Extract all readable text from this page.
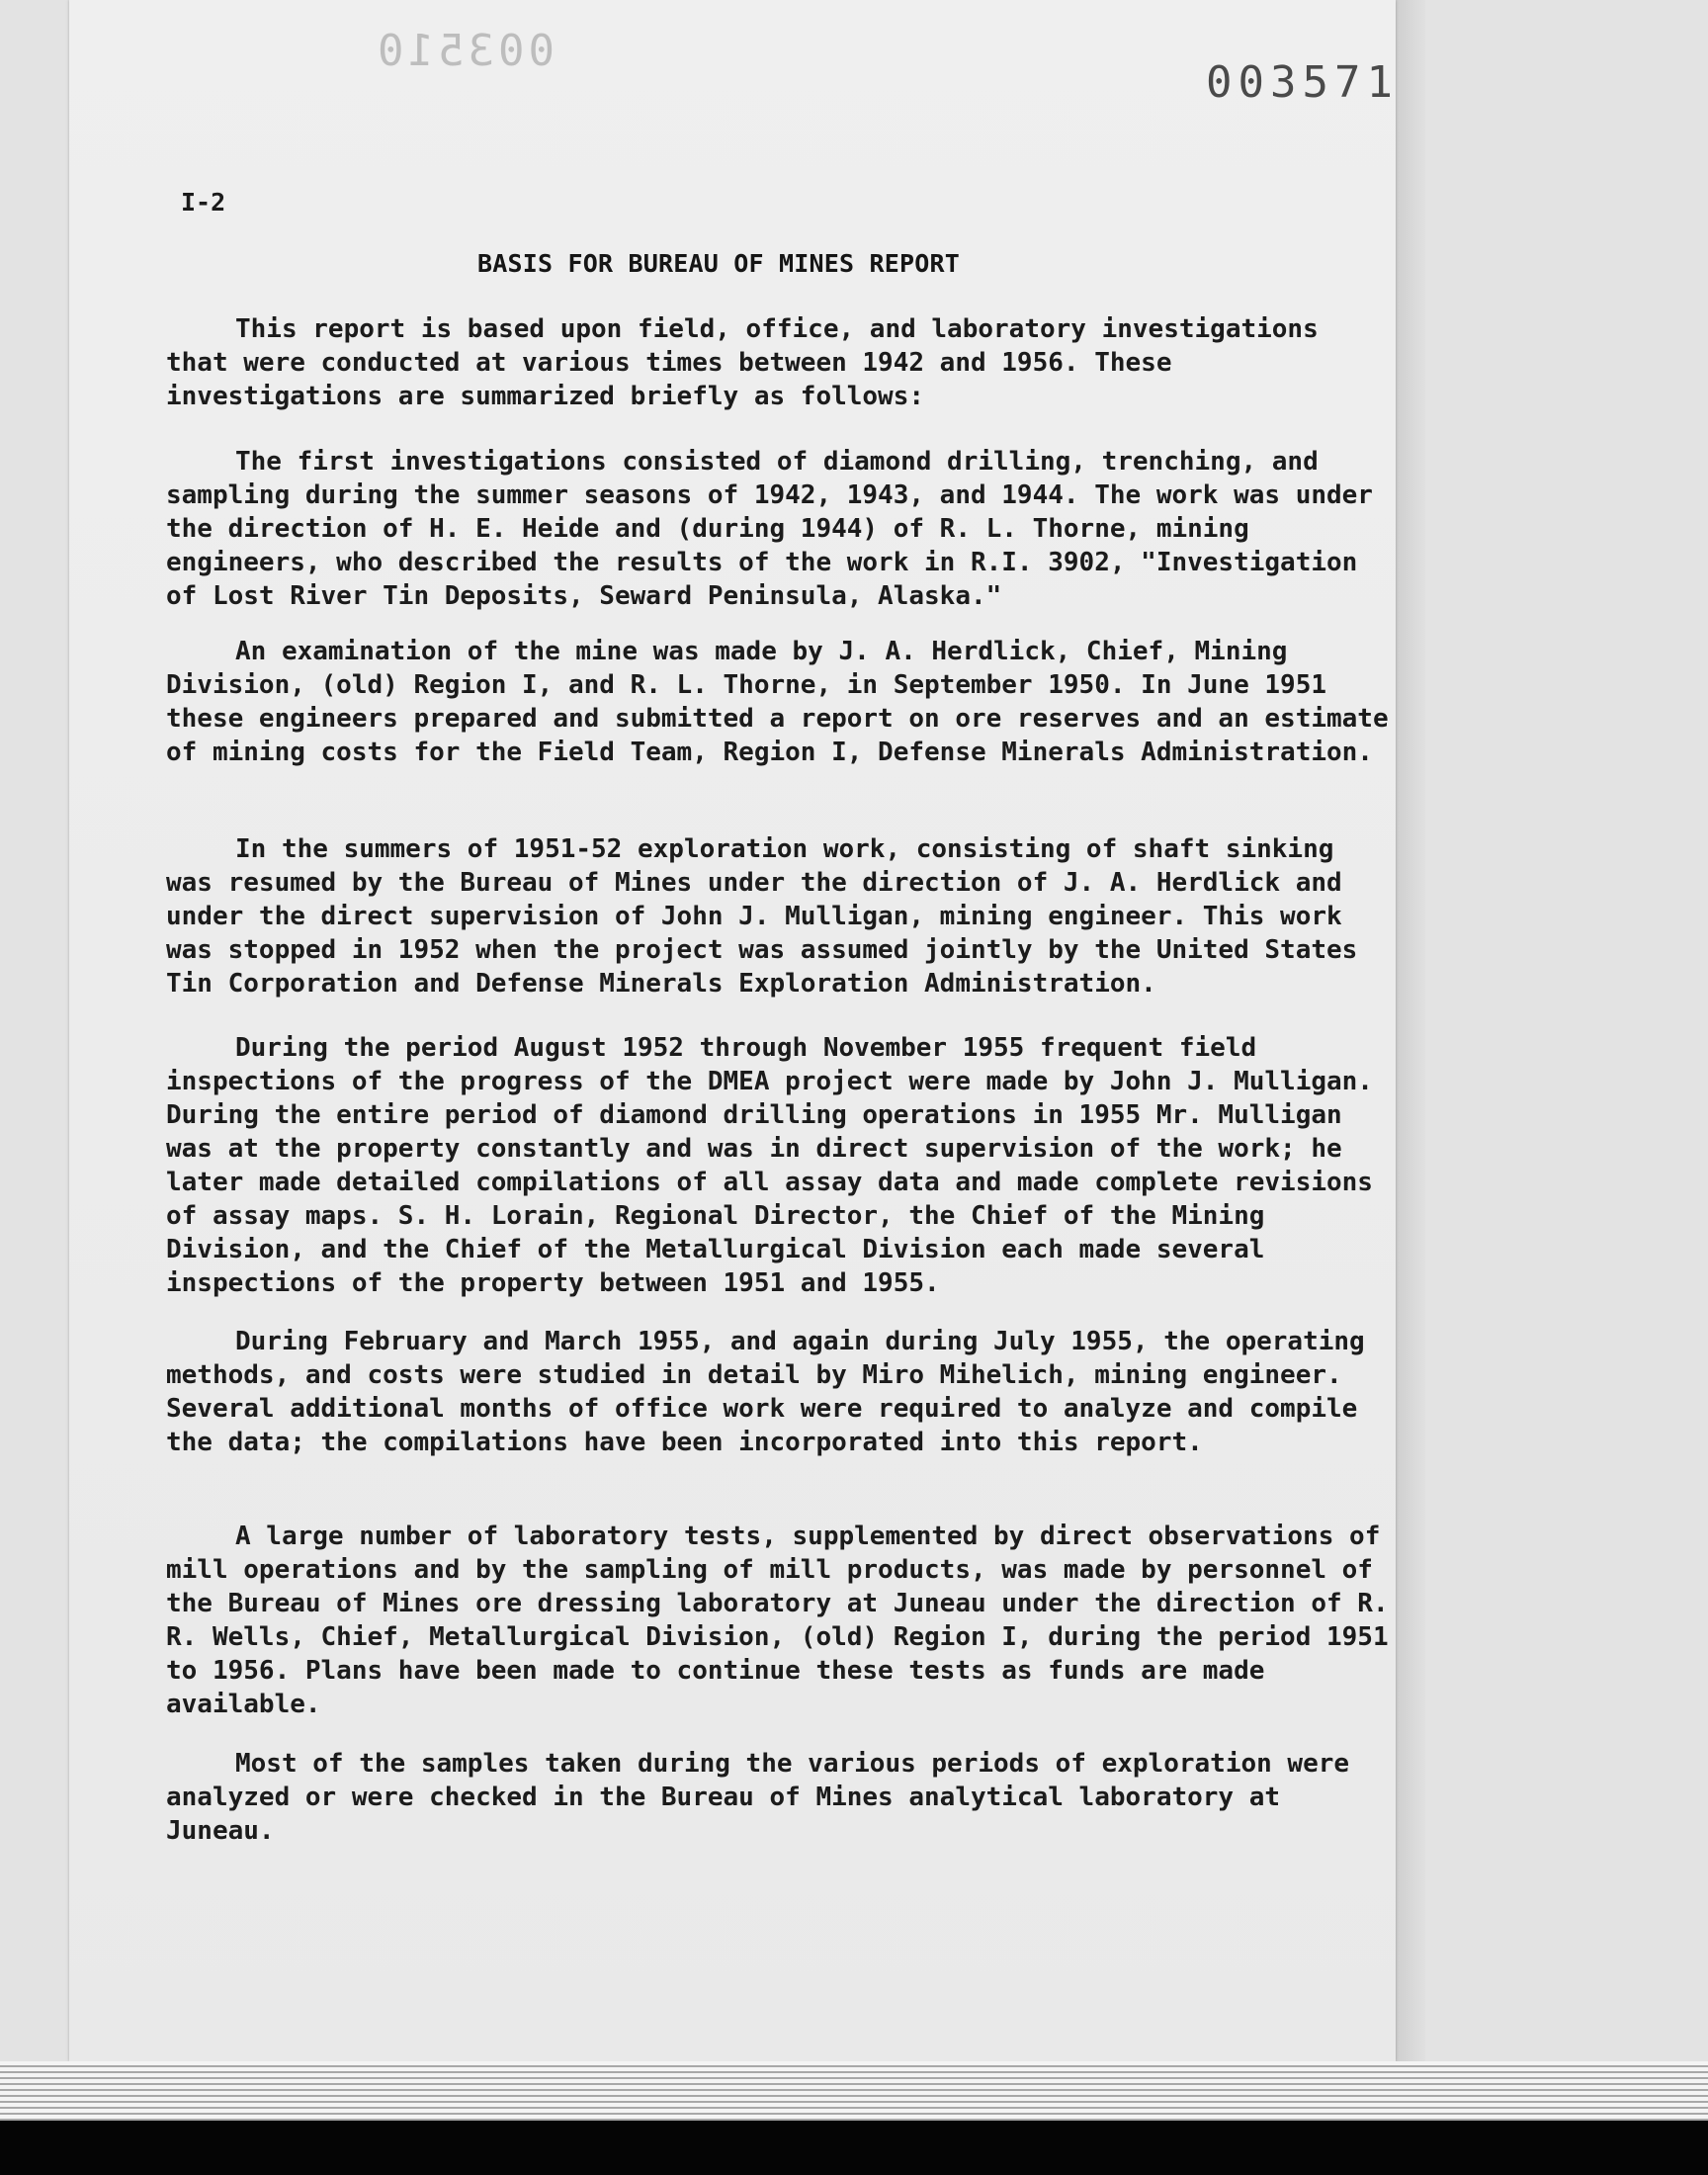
003510
003571
I-2
BASIS FOR BUREAU OF MINES REPORT

This report is based upon field, office, and laboratory investigations that were conducted at various times between 1942 and 1956. These investigations are summarized briefly as follows:

The first investigations consisted of diamond drilling, trenching, and sampling during the summer seasons of 1942, 1943, and 1944. The work was under the direction of H. E. Heide and (during 1944) of R. L. Thorne, mining engineers, who described the results of the work in R.I. 3902, "Investigation of Lost River Tin Deposits, Seward Peninsula, Alaska."

An examination of the mine was made by J. A. Herdlick, Chief, Mining Division, (old) Region I, and R. L. Thorne, in September 1950. In June 1951 these engineers prepared and submitted a report on ore reserves and an estimate of mining costs for the Field Team, Region I, Defense Minerals Administration.

In the summers of 1951-52 exploration work, consisting of shaft sinking was resumed by the Bureau of Mines under the direction of J. A. Herdlick and under the direct supervision of John J. Mulligan, mining engineer. This work was stopped in 1952 when the project was assumed jointly by the United States Tin Corporation and Defense Minerals Exploration Administration.

During the period August 1952 through November 1955 frequent field inspections of the progress of the DMEA project were made by John J. Mulligan. During the entire period of diamond drilling operations in 1955 Mr. Mulligan was at the property constantly and was in direct supervision of the work; he later made detailed compilations of all assay data and made complete revisions of assay maps. S. H. Lorain, Regional Director, the Chief of the Mining Division, and the Chief of the Metallurgical Division each made several inspections of the property between 1951 and 1955.

During February and March 1955, and again during July 1955, the operating methods, and costs were studied in detail by Miro Mihelich, mining engineer. Several additional months of office work were required to analyze and compile the data; the compilations have been incorporated into this report.

A large number of laboratory tests, supplemented by direct observations of mill operations and by the sampling of mill products, was made by personnel of the Bureau of Mines ore dressing laboratory at Juneau under the direction of R. R. Wells, Chief, Metallurgical Division, (old) Region I, during the period 1951 to 1956. Plans have been made to continue these tests as funds are made available.

Most of the samples taken during the various periods of exploration were analyzed or were checked in the Bureau of Mines analytical laboratory at Juneau.
